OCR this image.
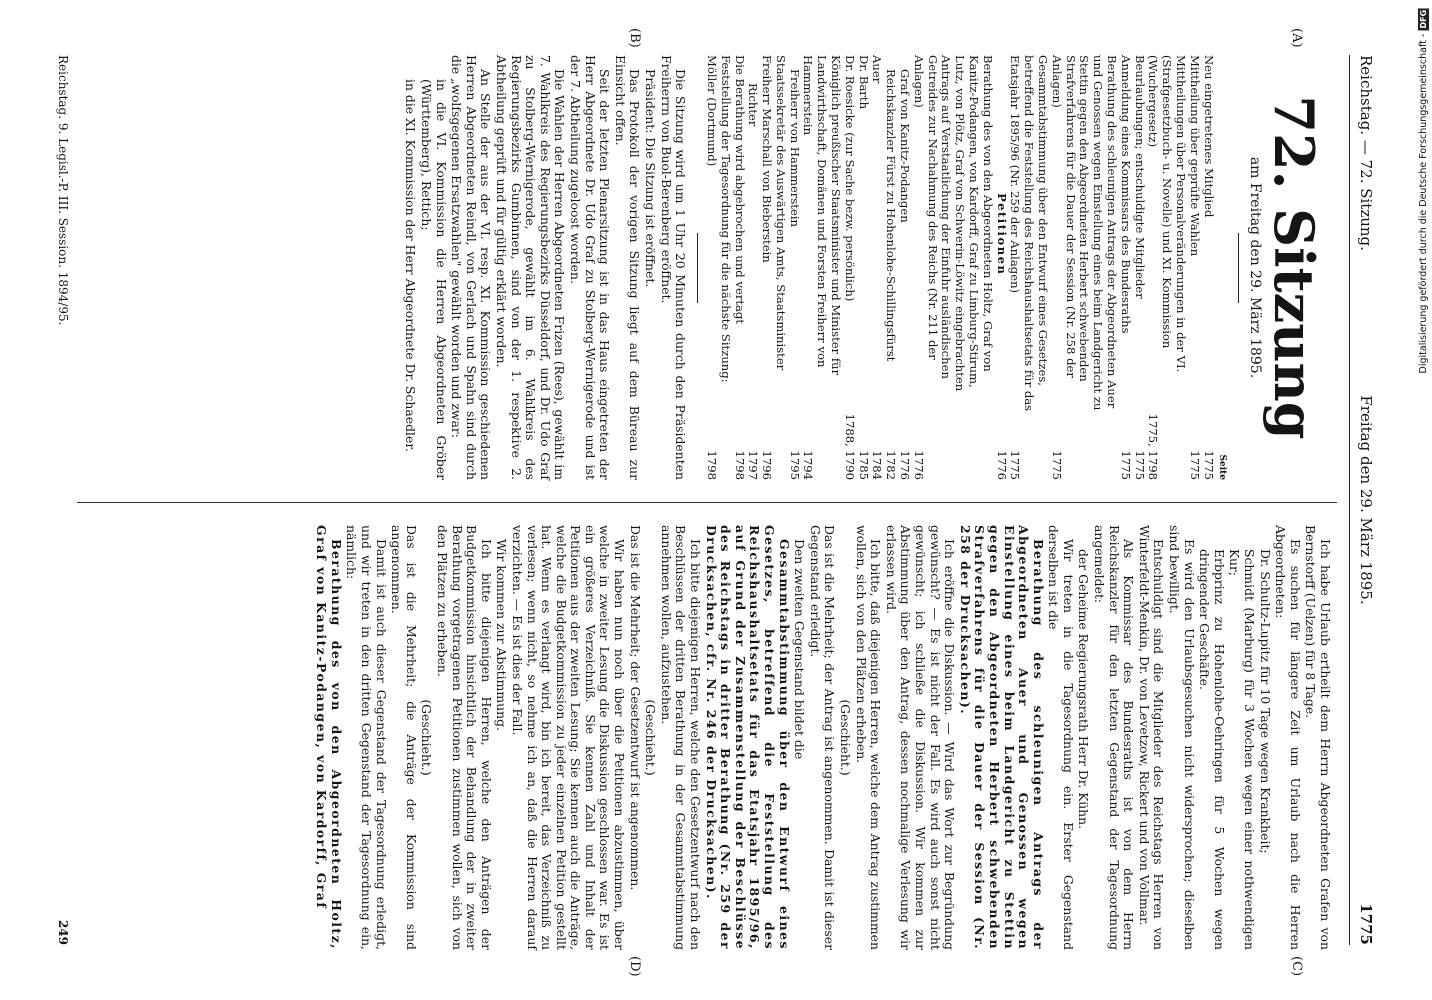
Reichstag. — 72. Sitzung.
Freitag den 29. März 1895.
1775
(A)
(B)
(C)
(D)
72. Sitzung
am Freitag den 29. März 1895.
	Seite
Neu eingetretenes Mitglied	1775
Mittheilung über geprüfte Wahlen	1775
Mittheilungen über Personalveränderungen in der VI. (Strafgesetzbuch- u. Novelle) und XI. Kommission (Wuchergesetz)	1775, 1798
Beurlaubungen; entschuldigte Mitglieder	1775
Anmeldung eines Kommissars des Bundesraths	1775
Berathung des schleunigen Antrags der Abgeordneten Auer und Genossen wegen Einstellung eines beim Landgericht zu Stettin gegen den Abgeordneten Herbert schwebenden Strafverfahrens für die Dauer der Session (Nr. 258 der Anlagen)	1775
Gesammtabstimmung über den Entwurf eines Gesetzes, betreffend die Feststellung des Reichshaushaltsetats für das Etatsjahr 1895/96 (Nr. 259 der Anlagen)	1775
Petitionen	1776
Berathung des von den Abgeordneten Holtz, Graf von Kanitz-Podangen, von Kardorff, Graf zu Limburg-Stirum, Lutz, von Plötz, Graf von Schwerin-Löwitz eingebrachten Antrags auf Verstaatlichung der Einfuhr ausländischen Getreides zur Nachahmung des Reichs (Nr. 211 der Anlagen)	1776
Graf von Kanitz-Podangen	1776
Reichskanzler Fürst zu Hohenlohe-Schillingsfürst	1782
Auer	1784
Dr. Barth	1785
Dr. Roesicke (zur Sache bezw. persönlich)	1788, 1790
Königlich preußischer Staatsminister und Minister für Landwirthschaft, Domänen und Forsten Freiherr von Hammerstein	1794
Freiherr von Hammerstein	1795
Staatssekretär des Auswärtigen Amts, Staatsminister Freiherr Marschall von Bieberstein	1796
Richter	1797
Die Berathung wird abgebrochen und vertagt	1798
Feststellung der Tagesordnung für die nächste Sitzung: Möller (Dortmund)	1798

Die Sitzung wird um 1 Uhr 20 Minuten durch den Präsidenten Freiherrn von Buol-Berenberg eröffnet.

Präsident: Die Sitzung ist eröffnet.

Das Protokoll der vorigen Sitzung liegt auf dem Büreau zur Einsicht offen.

Seit der letzten Plenarsitzung ist in das Haus eingetreten der Herr Abgeordnete Dr. Udo Graf zu Stolberg-Wernigerode und ist der 7. Abtheilung zugeloost worden.

Die Wahlen der Herren Abgeordneten Frizen (Rees), gewählt im 7. Wahlkreis des Regierungsbezirks Düsseldorf, und Dr. Udo Graf zu Stolberg-Wernigerode, gewählt im 6. Wahlkreis des Regierungsbezirks Gumbinnen, sind von der 1. respektive 2. Abtheilung geprüft und für gültig erklärt worden.

An Stelle der aus der VI. resp. XI. Kommission geschiedenen Herren Abgeordneten Reindl, von Gerlach und Spahn sind durch die „wolfsgegenen Ersatzwahlen" gewählt worden und zwar:

in die VI. Kommission die Herren Abgeordneten Gröber (Württemberg), Rettich;

in die XI. Kommission der Herr Abgeordnete Dr. Schaedler.

Ich habe Urlaub ertheilt dem Herrn Abgeordneten Grafen von Bernstorff (Uelzen) für 8 Tage.

Es suchen für längere Zeit um Urlaub nach die Herren Abgeordneten:

Dr. Schultz-Lupitz für 10 Tage wegen Krankheit;

Schmidt (Marburg) für 3 Wochen wegen einer nothwendigen Kur;

Erbprinz zu Hohenlohe-Oehringen für 5 Wochen wegen dringender Geschäfte.

Es wird den Urlaubsgesuchen nicht widersprochen; dieselben sind bewilligt.

Entschuldigt sind die Mitglieder des Reichstags Herren von Winterfeldt-Menkin, Dr. von Levetzow, Rickert und von Vollmar.

Als Kommissar des Bundesraths ist von dem Herrn Reichskanzler für den letzten Gegenstand der Tagesordnung angemeldet:

der Geheime Regierungsrath Herr Dr. Kühn.

Wir treten in die Tagesordnung ein. Erster Gegenstand derselben ist die

Berathung des schleunigen Antrags der Abgeordneten Auer und Genossen wegen Einstellung eines beim Landgericht zu Stettin gegen den Abgeordneten Herbert schwebenden Strafverfahrens für die Dauer der Session (Nr. 258 der Drucksachen).

Ich eröffne die Diskussion. — Wird das Wort zur Begründung gewünscht? — Es ist nicht der Fall. Es wird auch sonst nicht gewünscht; ich schließe die Diskussion. Wir kommen zur Abstimmung über den Antrag, dessen nochmalige Verlesung wir erlassen wird.

Ich bitte, daß diejenigen Herren, welche dem Antrag zustimmen wollen, sich von den Plätzen erheben.

(Geschieht.)

Das ist die Mehrheit; der Antrag ist angenommen. Damit ist dieser Gegenstand erledigt.

Den zweiten Gegenstand bildet die

Gesammtabstimmung über den Entwurf eines Gesetzes, betreffend die Feststellung des Reichshaushaltsetats für das Etatsjahr 1895/96, auf Grund der Zusammenstellung der Beschlüsse des Reichstags in dritter Berathung (Nr. 259 der Drucksachen, cfr. Nr. 246 der Drucksachen).

Ich bitte diejenigen Herren, welche den Gesetzentwurf nach den Beschlüssen der dritten Berathung in der Gesammtabstimmung annehmen wollen, aufzustehen.

(Geschieht.)

Das ist die Mehrheit; der Gesetzentwurf ist angenommen.

Wir haben nun noch über die Petitionen abzustimmen, über welche in zweiter Lesung die Diskussion geschlossen war. Es ist ein größeres Verzeichniß. Sie kennen Zahl und Inhalt der Petitionen aus der zweiten Lesung; Sie kennen auch die Anträge, welche die Budgetkommission zu jeder einzelnen Petition gestellt hat. Wenn es verlangt wird, bin ich bereit, das Verzeichniß zu verlesen; wenn nicht, so nehme ich an, daß die Herren darauf verzichten. — Es ist dies der Fall.

Wir kommen zur Abstimmung.

Ich bitte diejenigen Herren, welche den Anträgen der Budgetkommission hinsichtlich der Behandlung der in zweiter Berathung vorgetragenen Petitionen zustimmen wollen, sich von den Plätzen zu erheben.

(Geschieht.)

Das ist die Mehrheit; die Anträge der Kommission sind angenommen.

Damit ist auch dieser Gegenstand der Tagesordnung erledigt, und wir treten in den dritten Gegenstand der Tagesordnung ein, nämlich:

Berathung des von den Abgeordneten Holtz, Graf von Kanitz-Podangen, von Kardorff, Graf

Reichstag. 9. Legisl.-P. III. Session. 1894/95.
249
Digitalisierung gefördert durch die Deutsche Forschungsgemeinschaft - DFG
